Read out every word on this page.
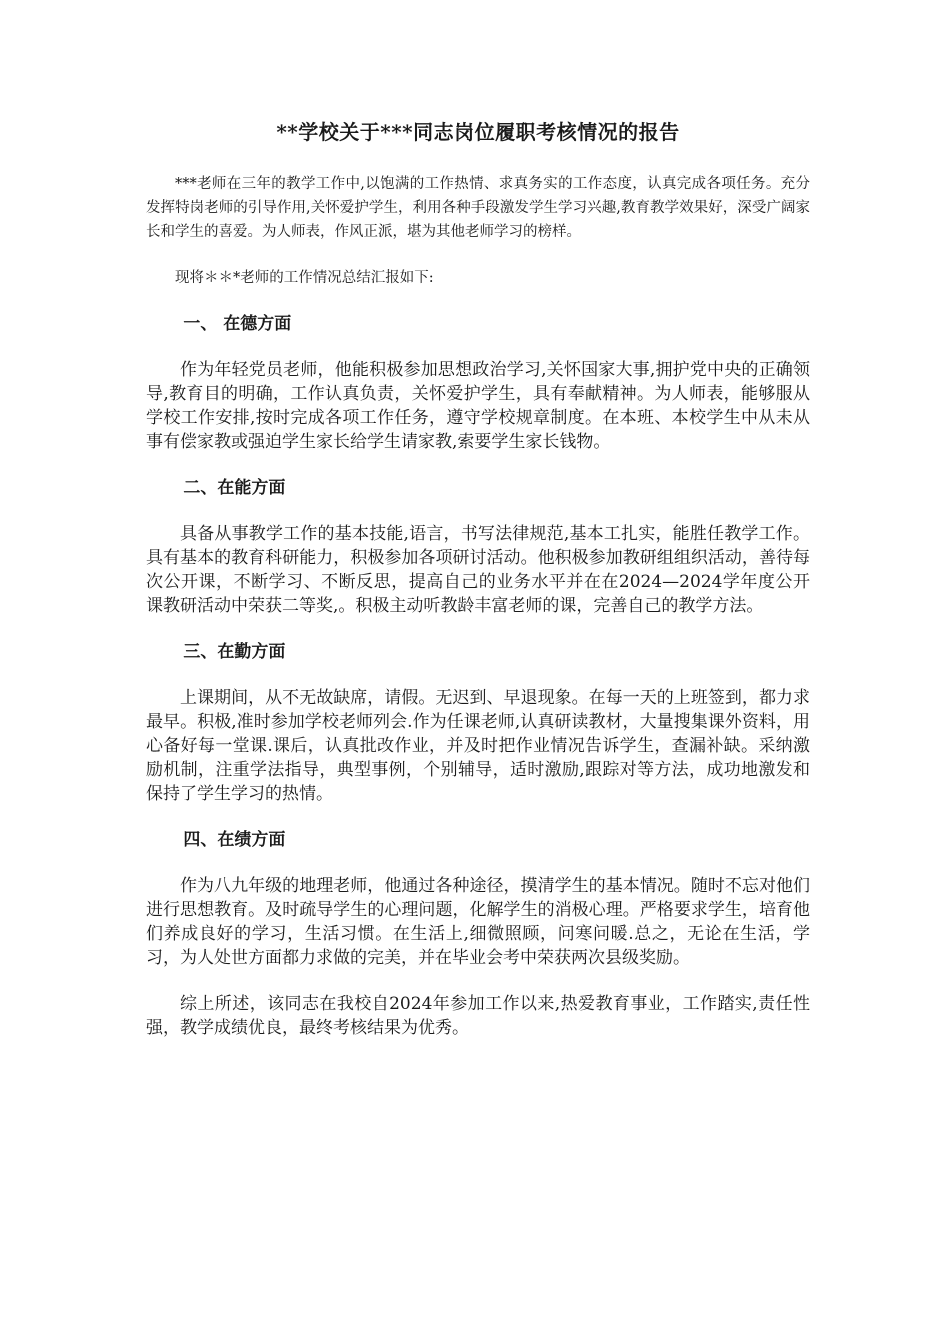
**学校关于***同志岗位履职考核情况的报告

***老师在三年的教学工作中,以饱满的工作热情、求真务实的工作态度，认真完成各项任务。充分发挥特岗老师的引导作用,关怀爱护学生，利用各种手段激发学生学习兴趣,教育教学效果好，深受广阔家长和学生的喜爱。为人师表，作风正派，堪为其他老师学习的榜样。

现将＊＊*老师的工作情况总结汇报如下:

一、 在德方面

作为年轻党员老师，他能积极参加思想政治学习,关怀国家大事,拥护党中央的正确领导,教育目的明确，工作认真负责，关怀爱护学生，具有奉献精神。为人师表，能够服从学校工作安排,按时完成各项工作任务，遵守学校规章制度。在本班、本校学生中从未从事有偿家教或强迫学生家长给学生请家教,索要学生家长钱物。

二、在能方面

具备从事教学工作的基本技能,语言，书写法律规范,基本工扎实，能胜任教学工作。具有基本的教育科研能力，积极参加各项研讨活动。他积极参加教研组组织活动，善待每次公开课，不断学习、不断反思，提高自己的业务水平并在在2024—2024学年度公开课教研活动中荣获二等奖,。积极主动听教龄丰富老师的课，完善自己的教学方法。

三、在勤方面

上课期间，从不无故缺席，请假。无迟到、早退现象。在每一天的上班签到，都力求最早。积极,准时参加学校老师列会.作为任课老师,认真研读教材，大量搜集课外资料，用心备好每一堂课.课后，认真批改作业，并及时把作业情况告诉学生，查漏补缺。采纳激励机制，注重学法指导，典型事例，个别辅导，适时激励,跟踪对等方法，成功地激发和保持了学生学习的热情。

四、在绩方面

作为八九年级的地理老师，他通过各种途径，摸清学生的基本情况。随时不忘对他们进行思想教育。及时疏导学生的心理问题，化解学生的消极心理。严格要求学生，培育他们养成良好的学习，生活习惯。在生活上,细微照顾，问寒问暖.总之，无论在生活，学习，为人处世方面都力求做的完美，并在毕业会考中荣获两次县级奖励。

综上所述，该同志在我校自2024年参加工作以来,热爱教育事业，工作踏实,责任性强，教学成绩优良，最终考核结果为优秀。
